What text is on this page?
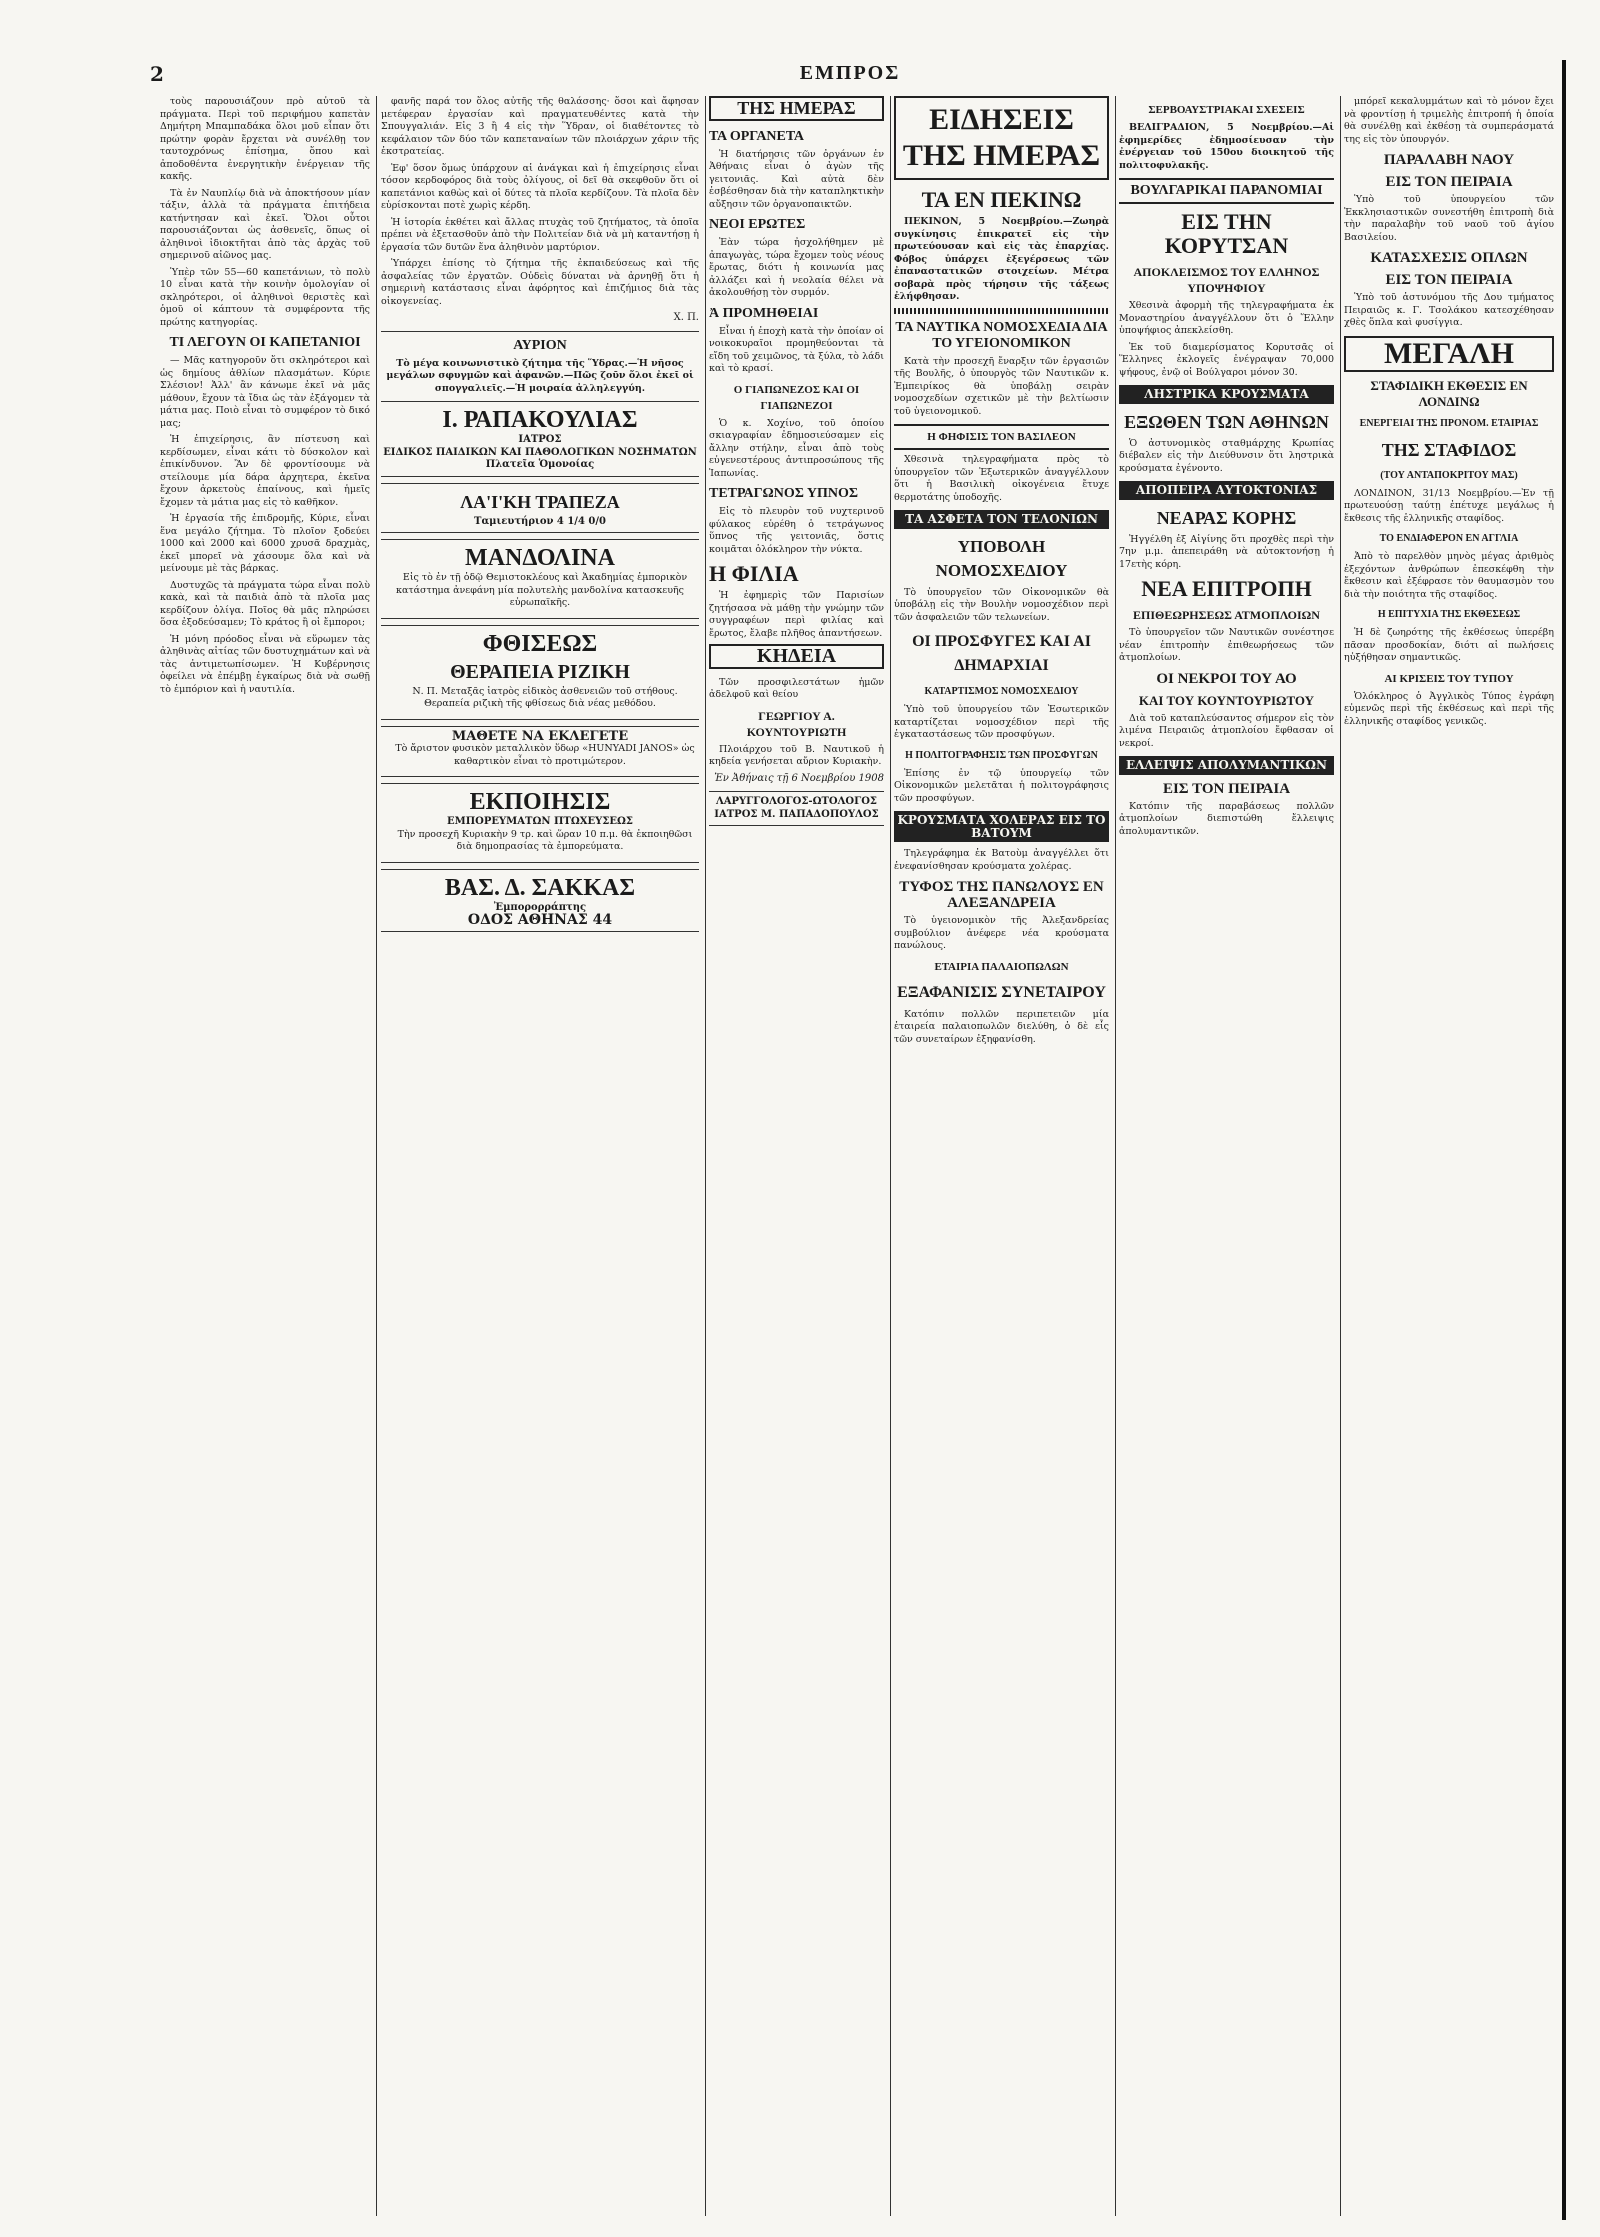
2	ΕΜΠΡΟΣ

τοὺς παρουσιάζουν πρὸ αὐτοῦ τὰ πράγματα. Περὶ τοῦ περιφήμου καπετὰν Δημήτρη Μπαμπαδάκα ὅλοι μοῦ εἶπαν ὅτι πρώτην φορὰν ἔρχεται νὰ συνέλθῃ τον ταυτοχρόνως ἐπίσημα, ὅπου καὶ ἀποδοθέντα ἐνεργητικὴν ἐνέργειαν τῆς κακῆς.

Τὰ ἐν Ναυπλίῳ διὰ νὰ ἀποκτήσουν μίαν τάξιν, ἀλλὰ τὰ πράγματα ἐπιτήδεια κατήντησαν καὶ ἐκεῖ. Ὅλοι οὗτοι παρουσιάζονται ὡς ἀσθενεῖς, ὅπως οἱ ἀληθινοὶ ἰδιοκτῆται ἀπὸ τὰς ἀρχὰς τοῦ σημερινοῦ αἰῶνος μας.

Ὑπὲρ τῶν 55—60 καπετάνιων, τὸ πολὺ 10 εἶναι κατὰ τὴν κοινὴν ὁμολογίαν οἱ σκληρότεροι, οἱ ἀληθινοὶ θεριστὲς καὶ ὁμοῦ οἱ κάπτουν τὰ συμφέροντα τῆς πρώτης κατηγορίας.

ΤΙ ΛΕΓΟΥΝ ΟΙ ΚΑΠΕΤΑΝΙΟΙ

— Μᾶς κατηγοροῦν ὅτι σκληρότεροι καὶ ὡς δημίους ἀθλίων πλασμάτων. Κύριε Σλέσιον! Ἀλλ' ἂν κάνωμε ἐκεῖ νὰ μᾶς μάθουν, ἔχουν τὰ ἴδια ὡς τὰν ἐξάγομεν τὰ μάτια μας. Ποιὸ εἶναι τὸ συμφέρον τὸ δικό μας;

Ἡ ἐπιχείρησις, ἂν πίστευση καὶ κερδίσωμεν, εἶναι κάτι τὸ δύσκολον καὶ ἐπικίνδυνον. Ἂν δὲ φροντίσουμε νὰ στείλουμε μία δάρα ἀρχητερα, ἐκεῖνα ἔχουν ἀρκετοὺς ἐπαίνους, καὶ ἡμεῖς ἔχομεν τὰ μάτια μας εἰς τὸ καθῆκον.

Ἡ ἐργασία τῆς ἐπιδρομῆς, Κύριε, εἶναι ἕνα μεγάλο ζήτημα. Τὸ πλοῖον ξοδεύει 1000 καὶ 2000 καὶ 6000 χρυσᾶ δραχμὰς, ἐκεῖ μπορεῖ νὰ χάσουμε ὅλα καὶ νὰ μείνουμε μὲ τὰς βάρκας.

Δυστυχῶς τὰ πράγματα τώρα εἶναι πολὺ κακὰ, καὶ τὰ παιδιὰ ἀπὸ τὰ πλοῖα μας κερδίζουν ὀλίγα. Ποῖος θὰ μᾶς πληρώσει ὅσα ἐξοδεύσαμεν; Τὸ κράτος ἢ οἱ ἔμποροι;

Ἡ μόνη πρόοδος εἶναι νὰ εὕρωμεν τὰς ἀληθινὰς αἰτίας τῶν δυστυχημάτων καὶ νὰ τὰς ἀντιμετωπίσωμεν. Ἡ Κυβέρνησις ὀφείλει νὰ ἐπέμβῃ ἐγκαίρως διὰ νὰ σωθῇ τὸ ἐμπόριον καὶ ἡ ναυτιλία.

φανῆς παρά τον ὅλος αὐτῆς τῆς θαλάσσης· ὅσοι καὶ ἄφησαν μετέφεραν ἐργασίαν καὶ πραγματευθέντες κατὰ τὴν Σπουγγαλιάν. Εἰς 3 ἢ 4 εἰς τὴν Ὕδραν, οἱ διαθέτοντες τὸ κεφάλαιον τῶν δύο τῶν καπεταναίων τῶν πλοιάρχων χάριν τῆς ἐκστρατείας.

Ἐφ' ὅσον ὅμως ὑπάρχουν αἱ ἀνάγκαι καὶ ἡ ἐπιχείρησις εἶναι τόσον κερδοφόρος διὰ τοὺς ὀλίγους, οἱ δεῖ θὰ σκεφθοῦν ὅτι οἱ καπετάνιοι καθὼς καὶ οἱ δύτες τὰ πλοῖα κερδίζουν. Τὰ πλοῖα δὲν εὑρίσκονται ποτὲ χωρὶς κέρδη.

Ἡ ἱστορία ἐκθέτει καὶ ἄλλας πτυχὰς τοῦ ζητήματος, τὰ ὁποῖα πρέπει νὰ ἐξετασθοῦν ἀπὸ τὴν Πολιτείαν διὰ νὰ μὴ καταντήσῃ ἡ ἐργασία τῶν δυτῶν ἕνα ἀληθινὸν μαρτύριον.

Ὑπάρχει ἐπίσης τὸ ζήτημα τῆς ἐκπαιδεύσεως καὶ τῆς ἀσφαλείας τῶν ἐργατῶν. Οὐδεὶς δύναται νὰ ἀρνηθῇ ὅτι ἡ σημερινὴ κατάστασις εἶναι ἀφόρητος καὶ ἐπιζήμιος διὰ τὰς οἰκογενείας.

Χ. Π.
ΑΥΡΙΟΝ

Τὸ μέγα κοινωνιστικὸ ζήτημα τῆς Ὕδρας.—Ἡ νῆσος μεγάλων σφυγμῶν καὶ ἀφανῶν.—Πῶς ζοῦν ὅλοι ἐκεῖ οἱ σπογγαλιεῖς.—Ἡ μοιραία ἀλληλεγγύη.

Ι. ΡΑΠΑΚΟΥΛΙΑΣ
ΙΑΤΡΟΣ
ΕΙΔΙΚΟΣ ΠΑΙΔΙΚΩΝ ΚΑΙ ΠΑΘΟΛΟΓΙΚΩΝ ΝΟΣΗΜΑΤΩΝ
Πλατεῖα Ὁμονοίας
ΛΑ'Ι'ΚΗ ΤΡΑΠΕΖΑ
Ταμιευτήριον 4 1/4 0/0
ΜΑΝΔΟΛΙΝΑ

Εἰς τὸ ἐν τῇ ὁδῷ Θεμιστοκλέους καὶ Ἀκαδημίας ἐμπορικὸν κατάστημα ἀνεφάνη μία πολυτελὴς μανδολίνα κατασκευῆς εὐρωπαϊκῆς.

ΦΘΙΣΕΩΣ
ΘΕΡΑΠΕΙΑ ΡΙΖΙΚΗ

Ν. Π. Μεταξᾶς ἰατρὸς εἰδικὸς ἀσθενειῶν τοῦ στήθους. Θεραπεία ριζικὴ τῆς φθίσεως διὰ νέας μεθόδου.

ΜΑΘΕΤΕ ΝΑ ΕΚΛΕΓΕΤΕ

Τὸ ἄριστον φυσικὸν μεταλλικὸν ὕδωρ «HUNYADI JANOS» ὡς καθαρτικὸν εἶναι τὸ προτιμώτερον.

ΕΚΠΟΙΗΣΙΣ
ΕΜΠΟΡΕΥΜΑΤΩΝ ΠΤΩΧΕΥΣΕΩΣ

Τὴν προσεχῆ Κυριακὴν 9 τρ. καὶ ὥραν 10 π.μ. θὰ ἐκποιηθῶσι διὰ δημοπρασίας τὰ ἐμπορεύματα.

ΒΑΣ. Δ. ΣΑΚΚΑΣ
Ἐμπορορράπτης
ΟΔΟΣ ΑΘΗΝΑΣ 44
ΤΗΣ ΗΜΕΡΑΣ
ΤΑ ΟΡΓΑΝΕΤΑ

Ἡ διατήρησις τῶν ὀργάνων ἐν Ἀθήναις εἶναι ὁ ἀγὼν τῆς γειτονιᾶς. Καὶ αὐτὰ δὲν ἐσβέσθησαν διὰ τὴν καταπληκτικὴν αὔξησιν τῶν ὀργανοπαικτῶν.

ΝΕΟΙ ΕΡΩΤΕΣ

Ἐὰν τώρα ἠσχολήθημεν μὲ ἀπαγωγὰς, τώρα ἔχομεν τοὺς νέους ἔρωτας, διότι ἡ κοινωνία μας ἀλλάζει καὶ ἡ νεολαία θέλει νὰ ἀκολουθήσῃ τὸν συρμόν.

Ἀ ΠΡΟΜΗΘΕΙΑΙ

Εἶναι ἡ ἐποχὴ κατὰ τὴν ὁποίαν οἱ νοικοκυραῖοι προμηθεύονται τὰ εἴδη τοῦ χειμῶνος, τὰ ξύλα, τὸ λάδι καὶ τὸ κρασί.

Ο ΓΙΑΠΩΝΕΖΟΣ ΚΑΙ ΟΙ ΓΙΑΠΩΝΕΖΟΙ

Ὁ κ. Χοχίνο, τοῦ ὁποίου σκιαγραφίαν ἐδημοσιεύσαμεν εἰς ἄλλην στήλην, εἶναι ἀπὸ τοὺς εὐγενεστέρους ἀντιπροσώπους τῆς Ἰαπωνίας.

ΤΕΤΡΑΓΩΝΟΣ ΥΠΝΟΣ

Εἰς τὸ πλευρὸν τοῦ νυχτερινοῦ φύλακος εὑρέθη ὁ τετράγωνος ὕπνος τῆς γειτονιᾶς, ὅστις κοιμᾶται ὁλόκληρον τὴν νύκτα.

Η ΦΙΛΙΑ

Ἡ ἐφημερὶς τῶν Παρισίων ζητήσασα νὰ μάθῃ τὴν γνώμην τῶν συγγραφέων περὶ φιλίας καὶ ἔρωτος, ἔλαβε πλῆθος ἀπαντήσεων.

ΚΗΔΕΙΑ

Τῶν προσφιλεστάτων ἡμῶν ἀδελφοῦ καὶ θείου

ΓΕΩΡΓΙΟΥ Α. ΚΟΥΝΤΟΥΡΙΩΤΗ

Πλοιάρχου τοῦ Β. Ναυτικοῦ ἡ κηδεία γενήσεται αὔριον Κυριακὴν.

Ἐν Ἀθήναις τῇ 6 Νοεμβρίου 1908
ΛΑΡΥΓΓΟΛΟΓΟΣ-ΩΤΟΛΟΓΟΣ
ΙΑΤΡΟΣ Μ. ΠΑΠΑΔΟΠΟΥΛΟΣ
ΕΙΔΗΣΕΙΣ ΤΗΣ ΗΜΕΡΑΣ
ΤΑ ΕΝ ΠΕΚΙΝΩ

ΠΕΚΙΝΟΝ, 5 Νοεμβρίου.—Ζωηρὰ συγκίνησις ἐπικρατεῖ εἰς τὴν πρωτεύουσαν καὶ εἰς τὰς ἐπαρχίας. Φόβος ὑπάρχει ἐξεγέρσεως τῶν ἐπαναστατικῶν στοιχείων. Μέτρα σοβαρὰ πρὸς τήρησιν τῆς τάξεως ἐλήφθησαν.

ΤΑ ΝΑΥΤΙΚΑ ΝΟΜΟΣΧΕΔΙΑ ΔΙΑ ΤΟ ΥΓΕΙΟΝΟΜΙΚΟΝ

Κατὰ τὴν προσεχῆ ἔναρξιν τῶν ἐργασιῶν τῆς Βουλῆς, ὁ ὑπουργὸς τῶν Ναυτικῶν κ. Ἐμπειρίκος θὰ ὑποβάλῃ σειρὰν νομοσχεδίων σχετικῶν μὲ τὴν βελτίωσιν τοῦ ὑγειονομικοῦ.

Η ΦΗΦΙΣΙΣ ΤΟΝ ΒΑΣΙΛΕΟΝ

Χθεσινὰ τηλεγραφήματα πρὸς τὸ ὑπουργεῖον τῶν Ἐξωτερικῶν ἀναγγέλλουν ὅτι ἡ Βασιλικὴ οἰκογένεια ἔτυχε θερμοτάτης ὑποδοχῆς.

ΤΑ ΑΣΦΕΤΑ ΤΟΝ ΤΕΛΟΝΙΩΝ
ΥΠΟΒΟΛΗ ΝΟΜΟΣΧΕΔΙΟΥ

Τὸ ὑπουργεῖον τῶν Οἰκονομικῶν θὰ ὑποβάλῃ εἰς τὴν Βουλὴν νομοσχέδιον περὶ τῶν ἀσφαλειῶν τῶν τελωνείων.

ΟΙ ΠΡΟΣΦΥΓΕΣ ΚΑΙ ΑΙ ΔΗΜΑΡΧΙΑΙ
ΚΑΤΑΡΤΙΣΜΟΣ ΝΟΜΟΣΧΕΔΙΟΥ

Ὑπὸ τοῦ ὑπουργείου τῶν Ἐσωτερικῶν καταρτίζεται νομοσχέδιον περὶ τῆς ἐγκαταστάσεως τῶν προσφύγων.

Η ΠΟΛΙΤΟΓΡΑΦΗΣΙΣ ΤΩΝ ΠΡΟΣΦΥΓΩΝ

Ἐπίσης ἐν τῷ ὑπουργείῳ τῶν Οἰκονομικῶν μελετᾶται ἡ πολιτογράφησις τῶν προσφύγων.

ΚΡΟΥΣΜΑΤΑ ΧΟΛΕΡΑΣ ΕΙΣ ΤΟ ΒΑΤΟΥΜ

Τηλεγράφημα ἐκ Βατοὺμ ἀναγγέλλει ὅτι ἐνεφανίσθησαν κρούσματα χολέρας.

ΤΥΦΟΣ ΤΗΣ ΠΑΝΩΛΟΥΣ ΕΝ ΑΛΕΞΑΝΔΡΕΙΑ

Τὸ ὑγειονομικὸν τῆς Ἀλεξανδρείας συμβούλιον ἀνέφερε νέα κρούσματα πανώλους.

ΕΤΑΙΡΙΑ ΠΑΛΑΙΟΠΩΛΩΝ
ΕΞΑΦΑΝΙΣΙΣ ΣΥΝΕΤΑΙΡΟΥ

Κατόπιν πολλῶν περιπετειῶν μία ἑταιρεία παλαιοπωλῶν διελύθη, ὁ δὲ εἷς τῶν συνεταίρων ἐξηφανίσθη.

ΣΕΡΒΟΑΥΣΤΡΙΑΚΑΙ ΣΧΕΣΕΙΣ

ΒΕΛΙΓΡΑΔΙΟΝ, 5 Νοεμβρίου.—Αἱ ἐφημερίδες ἐδημοσίευσαν τὴν ἐνέργειαν τοῦ 150ου διοικητοῦ τῆς πολιτοφυλακῆς.

ΒΟΥΛΓΑΡΙΚΑΙ ΠΑΡΑΝΟΜΙΑΙ
ΕΙΣ ΤΗΝ ΚΟΡΥΤΣΑΝ
ΑΠΟΚΛΕΙΣΜΟΣ ΤΟΥ ΕΛΛΗΝΟΣ ΥΠΟΨΗΦΙΟΥ

Χθεσινὰ ἀφορμὴ τῆς τηλεγραφήματα ἐκ Μοναστηρίου ἀναγγέλλουν ὅτι ὁ Ἕλλην ὑποψήφιος ἀπεκλείσθη.

Ἐκ τοῦ διαμερίσματος Κορυτσᾶς οἱ Ἕλληνες ἐκλογεῖς ἐνέγραψαν 70,000 ψήφους, ἐνῷ οἱ Βούλγαροι μόνον 30.

ΛΗΣΤΡΙΚΑ ΚΡΟΥΣΜΑΤΑ
ΕΞΩΘΕΝ ΤΩΝ ΑΘΗΝΩΝ

Ὁ ἀστυνομικὸς σταθμάρχης Κρωπίας διέβαλεν εἰς τὴν Διεύθυνσιν ὅτι ληστρικὰ κρούσματα ἐγένοντο.

ΑΠΟΠΕΙΡΑ ΑΥΤΟΚΤΟΝΙΑΣ
ΝΕΑΡΑΣ ΚΟΡΗΣ

Ἠγγέλθη ἐξ Αἰγίνης ὅτι προχθὲς περὶ τὴν 7ην μ.μ. ἀπεπειράθη νὰ αὐτοκτονήσῃ ἡ 17ετὴς κόρη.

ΝΕΑ ΕΠΙΤΡΟΠΗ
ΕΠΙΘΕΩΡΗΣΕΩΣ ΑΤΜΟΠΛΟΙΩΝ

Τὸ ὑπουργεῖον τῶν Ναυτικῶν συνέστησε νέαν ἐπιτροπὴν ἐπιθεωρήσεως τῶν ἀτμοπλοίων.

ΟΙ ΝΕΚΡΟΙ ΤΟΥ ΑΟ
ΚΑΙ ΤΟΥ ΚΟΥΝΤΟΥΡΙΩΤΟΥ

Διὰ τοῦ καταπλεύσαντος σήμερον εἰς τὸν λιμένα Πειραιῶς ἀτμοπλοίου ἔφθασαν οἱ νεκροί.

ΕΛΛΕΙΨΙΣ ΑΠΟΛΥΜΑΝΤΙΚΩΝ
ΕΙΣ ΤΟΝ ΠΕΙΡΑΙΑ

Κατόπιν τῆς παραβάσεως πολλῶν ἀτμοπλοίων διεπιστώθη ἔλλειψις ἀπολυμαντικῶν.

μπόρεῖ κεκαλυμμάτων καὶ τὸ μόνον ἔχει νὰ φροντίσῃ ἡ τριμελὴς ἐπιτροπή ἡ ὁποία θὰ συνέλθῃ καὶ ἐκθέσῃ τὰ συμπεράσματά της εἰς τὸν ὑπουργόν.

ΠΑΡΑΛΑΒΗ ΝΑΟΥ
ΕΙΣ ΤΟΝ ΠΕΙΡΑΙΑ

Ὑπὸ τοῦ ὑπουργείου τῶν Ἐκκλησιαστικῶν συνεστήθη ἐπιτροπὴ διὰ τὴν παραλαβὴν τοῦ ναοῦ τοῦ ἁγίου Βασιλείου.

ΚΑΤΑΣΧΕΣΙΣ ΟΠΛΩΝ
ΕΙΣ ΤΟΝ ΠΕΙΡΑΙΑ

Ὑπὸ τοῦ ἀστυνόμου τῆς Δου τμήματος Πειραιῶς κ. Γ. Τσολάκου κατεσχέθησαν χθὲς ὅπλα καὶ φυσίγγια.

ΜΕΓΑΛΗ
ΣΤΑΦΙΔΙΚΗ ΕΚΘΕΣΙΣ ΕΝ ΛΟΝΔΙΝΩ
ΕΝΕΡΓΕΙΑΙ ΤΗΣ ΠΡΟΝΟΜ. ΕΤΑΙΡΙΑΣ
ΤΗΣ ΣΤΑΦΙΔΟΣ
(ΤΟΥ ΑΝΤΑΠΟΚΡΙΤΟΥ ΜΑΣ)

ΛΟΝΔΙΝΟΝ, 31/13 Νοεμβρίου.—Ἐν τῇ πρωτευούσῃ ταύτῃ ἐπέτυχε μεγάλως ἡ ἔκθεσις τῆς ἑλληνικῆς σταφίδος.

ΤΟ ΕΝΔΙΑΦΕΡΟΝ ΕΝ ΑΓΓΛΙΑ

Ἀπὸ τὸ παρελθὸν μηνὸς μέγας ἀριθμὸς ἐξεχόντων ἀνθρώπων ἐπεσκέφθη τὴν ἔκθεσιν καὶ ἐξέφρασε τὸν θαυμασμὸν του διὰ τὴν ποιότητα τῆς σταφίδος.

Η ΕΠΙΤΥΧΙΑ ΤΗΣ ΕΚΘΕΣΕΩΣ

Ἡ δὲ ζωηρότης τῆς ἐκθέσεως ὑπερέβη πᾶσαν προσδοκίαν, διότι αἱ πωλήσεις ηὐξήθησαν σημαντικῶς.

ΑΙ ΚΡΙΣΕΙΣ ΤΟΥ ΤΥΠΟΥ

Ὁλόκληρος ὁ Ἀγγλικὸς Τύπος ἐγράφη εὐμενῶς περὶ τῆς ἐκθέσεως καὶ περὶ τῆς ἑλληνικῆς σταφίδος γενικῶς.
